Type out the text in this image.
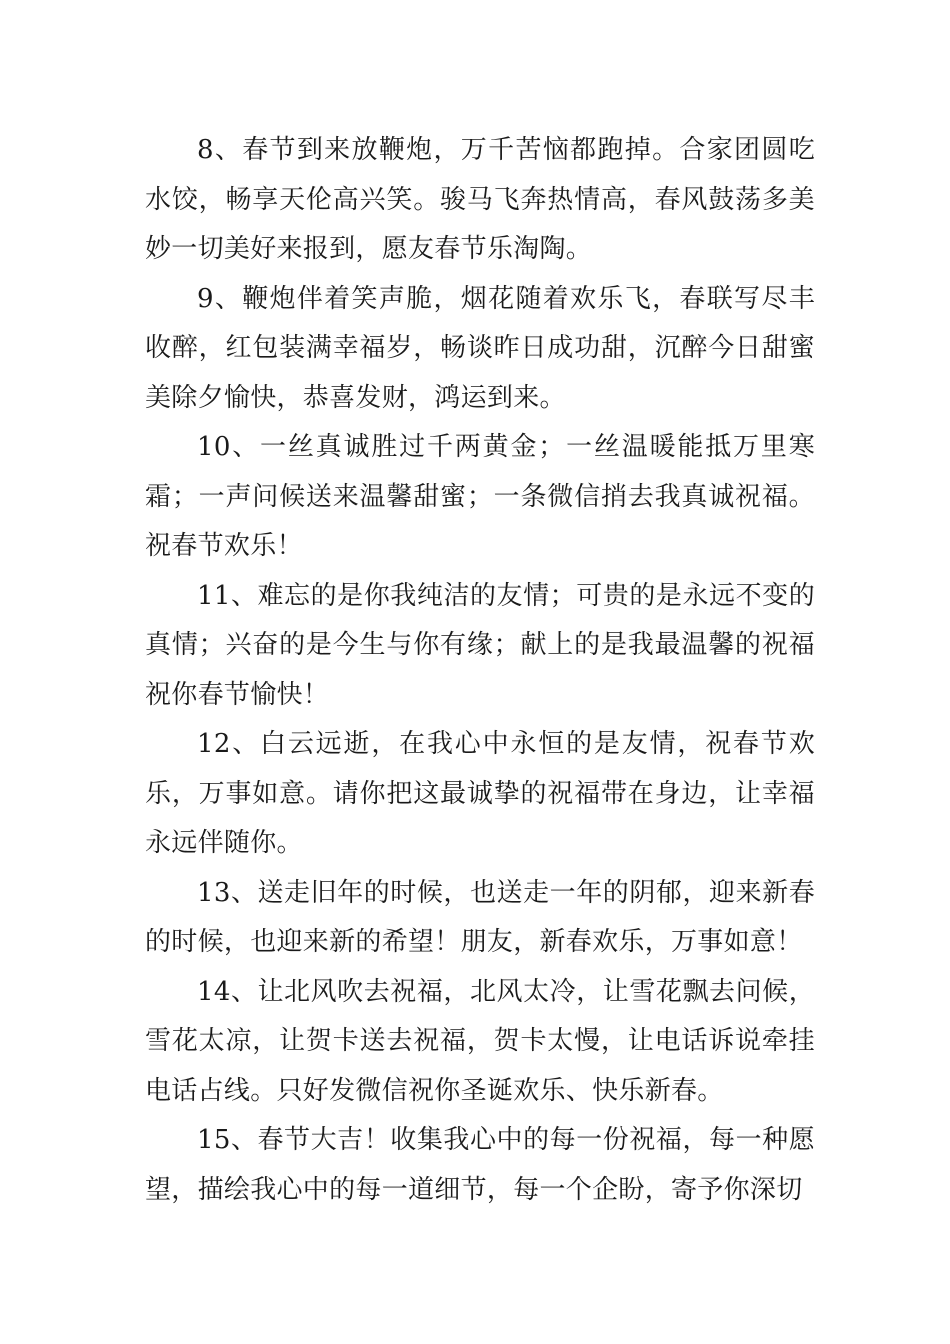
8、春节到来放鞭炮，万千苦恼都跑掉。合家团圆吃水饺，畅享天伦高兴笑。骏马飞奔热情高，春风鼓荡多美妙一切美好来报到，愿友春节乐淘陶。

9、鞭炮伴着笑声脆，烟花随着欢乐飞，春联写尽丰收醉，红包装满幸福岁，畅谈昨日成功甜，沉醉今日甜蜜美除夕愉快，恭喜发财，鸿运到来。

10、一丝真诚胜过千两黄金；一丝温暖能抵万里寒霜；一声问候送来温馨甜蜜；一条微信捎去我真诚祝福。祝春节欢乐！

11、难忘的是你我纯洁的友情；可贵的是永远不变的真情；兴奋的是今生与你有缘；献上的是我最温馨的祝福祝你春节愉快！

12、白云远逝，在我心中永恒的是友情，祝春节欢乐，万事如意。请你把这最诚挚的祝福带在身边，让幸福永远伴随你。

13、送走旧年的时候，也送走一年的阴郁，迎来新春的时候，也迎来新的希望！朋友，新春欢乐，万事如意！

14、让北风吹去祝福，北风太冷，让雪花飘去问候，雪花太凉，让贺卡送去祝福，贺卡太慢，让电话诉说牵挂电话占线。只好发微信祝你圣诞欢乐、快乐新春。

15、春节大吉！收集我心中的每一份祝福，每一种愿望，描绘我心中的每一道细节，每一个企盼，寄予你深切
